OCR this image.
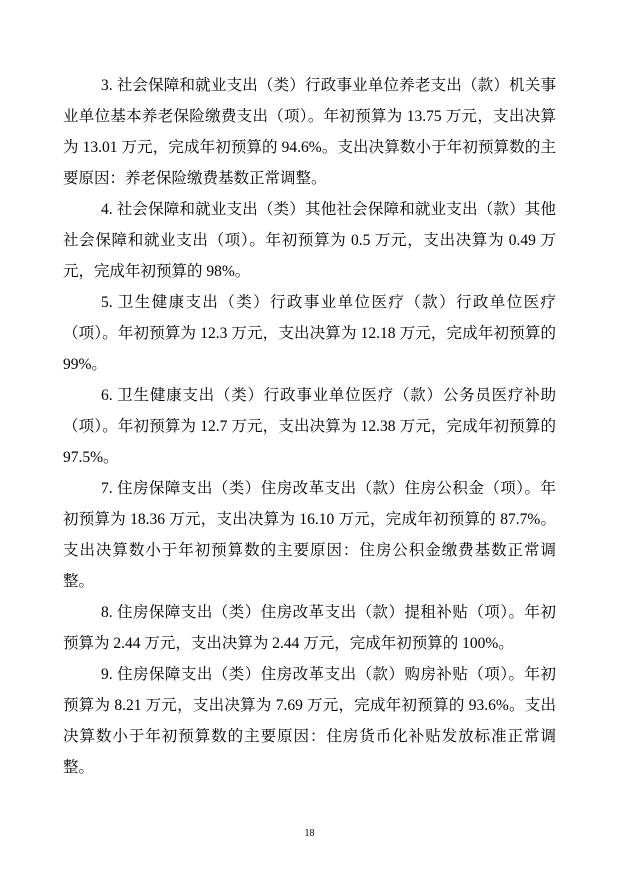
3. 社会保障和就业支出（类）行政事业单位养老支出（款）机关事业单位基本养老保险缴费支出（项）。年初预算为 13.75 万元，支出决算为 13.01 万元，完成年初预算的 94.6%。支出决算数小于年初预算数的主要原因：养老保险缴费基数正常调整。

4. 社会保障和就业支出（类）其他社会保障和就业支出（款）其他社会保障和就业支出（项）。年初预算为 0.5 万元，支出决算为 0.49 万元，完成年初预算的 98%。

5. 卫生健康支出（类）行政事业单位医疗（款）行政单位医疗（项）。年初预算为 12.3 万元，支出决算为 12.18 万元，完成年初预算的 99%。

6. 卫生健康支出（类）行政事业单位医疗（款）公务员医疗补助（项）。年初预算为 12.7 万元，支出决算为 12.38 万元，完成年初预算的 97.5%。

7. 住房保障支出（类）住房改革支出（款）住房公积金（项）。年初预算为 18.36 万元，支出决算为 16.10 万元，完成年初预算的 87.7%。支出决算数小于年初预算数的主要原因：住房公积金缴费基数正常调整。

8. 住房保障支出（类）住房改革支出（款）提租补贴（项）。年初预算为 2.44 万元，支出决算为 2.44 万元，完成年初预算的 100%。

9. 住房保障支出（类）住房改革支出（款）购房补贴（项）。年初预算为 8.21 万元，支出决算为 7.69 万元，完成年初预算的 93.6%。支出决算数小于年初预算数的主要原因：住房货币化补贴发放标准正常调整。

18
